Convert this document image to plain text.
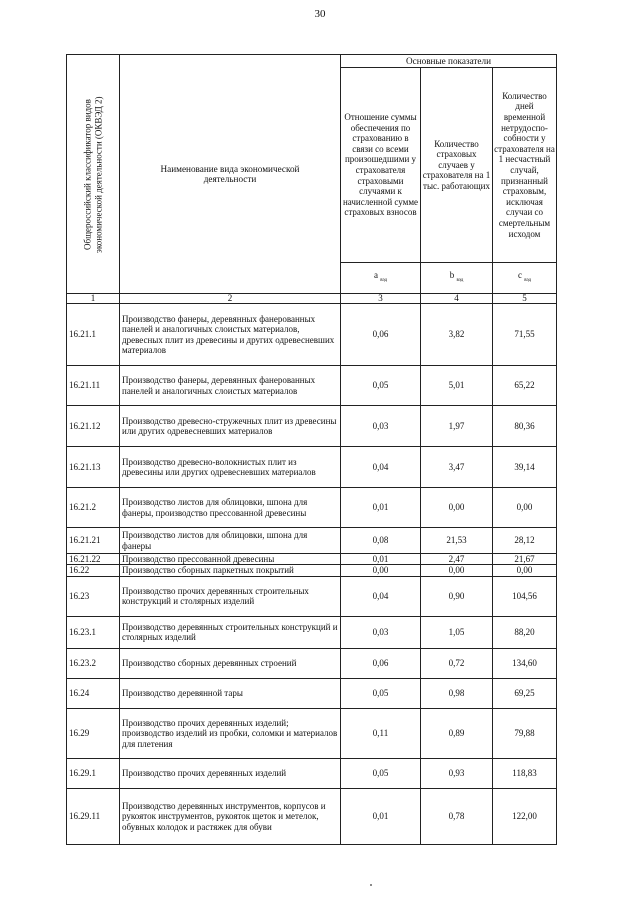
30
Общероссийский классификатор видов
экономической деятельности (ОКВЭД 2)	Наименование вида экономической деятельности	Основные показатели		
		Отношение суммы обеспечения по страхованию в связи со всеми произошедшими у страхователя страховыми случаями к начисленной сумме страховых взносов	Количество страховых случаев у страхователя на 1 тыс. работающих	Количество дней временной нетрудоспо-собности у страхователя на 1 несчастный случай, признанный страховым, исключая случаи со смертельным исходом
		a $_{вэд}$	b $_{вэд}$	c $_{вэд}$
1	2	3	4	5
16.21.1	Производство фанеры, деревянных фанерованных панелей и аналогичных слоистых материалов, древесных плит из древесины и других одревесневших материалов	0,06	3,82	71,55
16.21.11	Производство фанеры, деревянных фанерованных панелей и аналогичных слоистых материалов	0,05	5,01	65,22
16.21.12	Производство древесно-стружечных плит из древесины или других одревесневших материалов	0,03	1,97	80,36
16.21.13	Производство древесно-волокнистых плит из древесины или других одревесневших материалов	0,04	3,47	39,14
16.21.2	Производство листов для облицовки, шпона для фанеры, производство прессованной древесины	0,01	0,00	0,00
16.21.21	Производство листов для облицовки, шпона для фанеры	0,08	21,53	28,12
16.21.22	Производство прессованной древесины	0,01	2,47	21,67
16.22	Производство сборных паркетных покрытий	0,00	0,00	0,00
16.23	Производство прочих деревянных строительных конструкций и столярных изделий	0,04	0,90	104,56
16.23.1	Производство деревянных строительных конструкций и столярных изделий	0,03	1,05	88,20
16.23.2	Производство сборных деревянных строений	0,06	0,72	134,60
16.24	Производство деревянной тары	0,05	0,98	69,25
16.29	Производство прочих деревянных изделий; производство изделий из пробки, соломки и материалов для плетения	0,11	0,89	79,88
16.29.1	Производство прочих деревянных изделий	0,05	0,93	118,83
16.29.11	Производство деревянных инструментов, корпусов и рукояток инструментов, рукояток щеток и метелок, обувных колодок и растяжек для обуви	0,01	0,78	122,00
